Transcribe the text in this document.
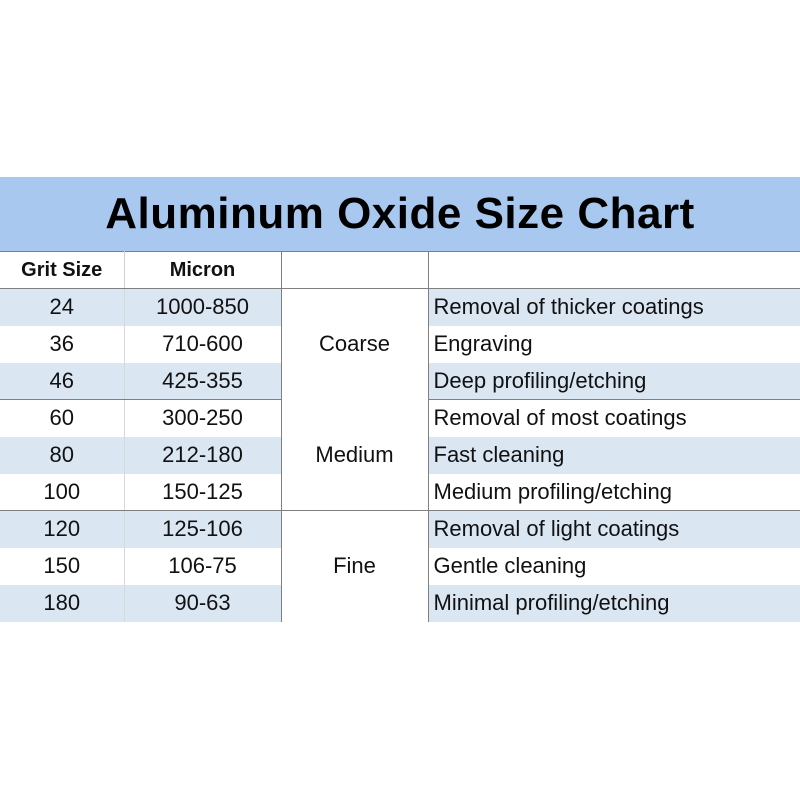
Aluminum Oxide Size Chart
Grit Size	Micron		
24	1000-850	Coarse	Removal of thicker coatings
36	710-600		Engraving
46	425-355		Deep profiling/etching
60	300-250	Medium	Removal of most coatings
80	212-180		Fast cleaning
100	150-125		Medium profiling/etching
120	125-106	Fine	Removal of light coatings
150	106-75		Gentle cleaning
180	90-63		Minimal profiling/etching
